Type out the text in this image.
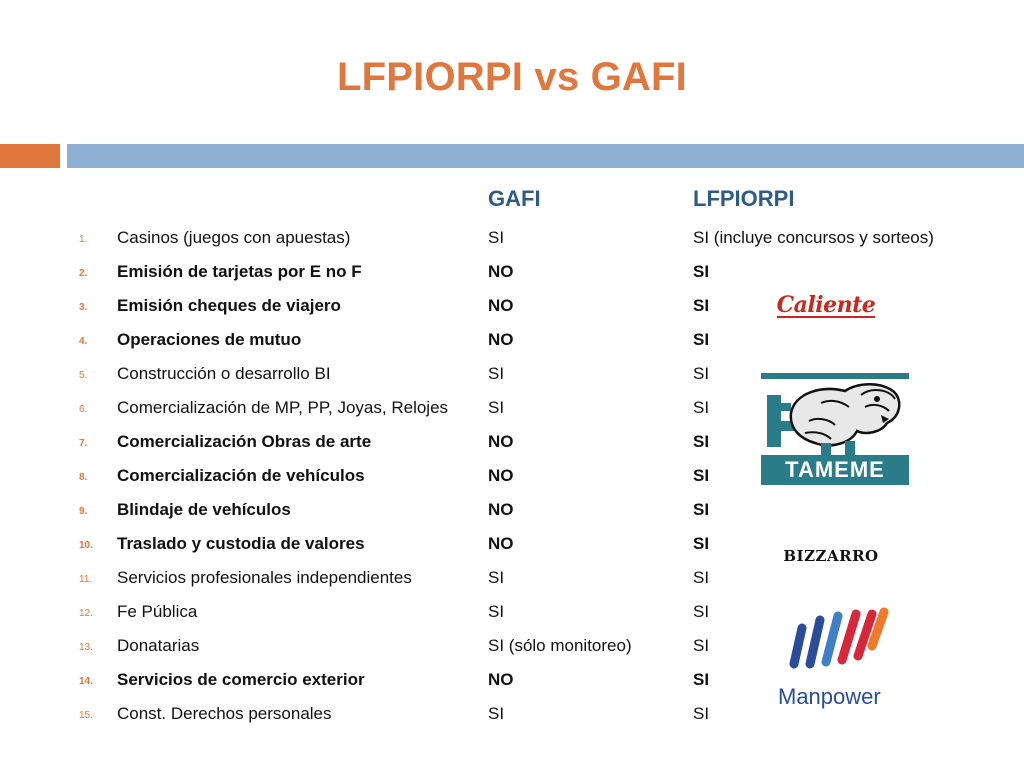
LFPIORPI vs GAFI
GAFI	LFPIORPI
1. Casinos (juegos con apuestas)	SI	SI (incluye concursos y sorteos)
2. Emisión de tarjetas por E no F	NO	SI
3. Emisión cheques de viajero	NO	SI
4. Operaciones de mutuo	NO	SI
5. Construcción o desarrollo BI	SI	SI
6. Comercialización de MP, PP, Joyas, Relojes SI	SI
7. Comercialización Obras de arte	NO	SI
8. Comercialización de vehículos	NO	SI
9. Blindaje de vehículos	NO	SI
10. Traslado y custodia de valores	NO	SI
11. Servicios profesionales independientes	SI	SI
12. Fe Pública	SI	SI
13. Donatarias	SI (sólo monitoreo)	SI
14. Servicios de comercio exterior	NO	SI
15. Const. Derechos personales	SI	SI
Caliente
TAMEME
BIZZARRO
Manpower
